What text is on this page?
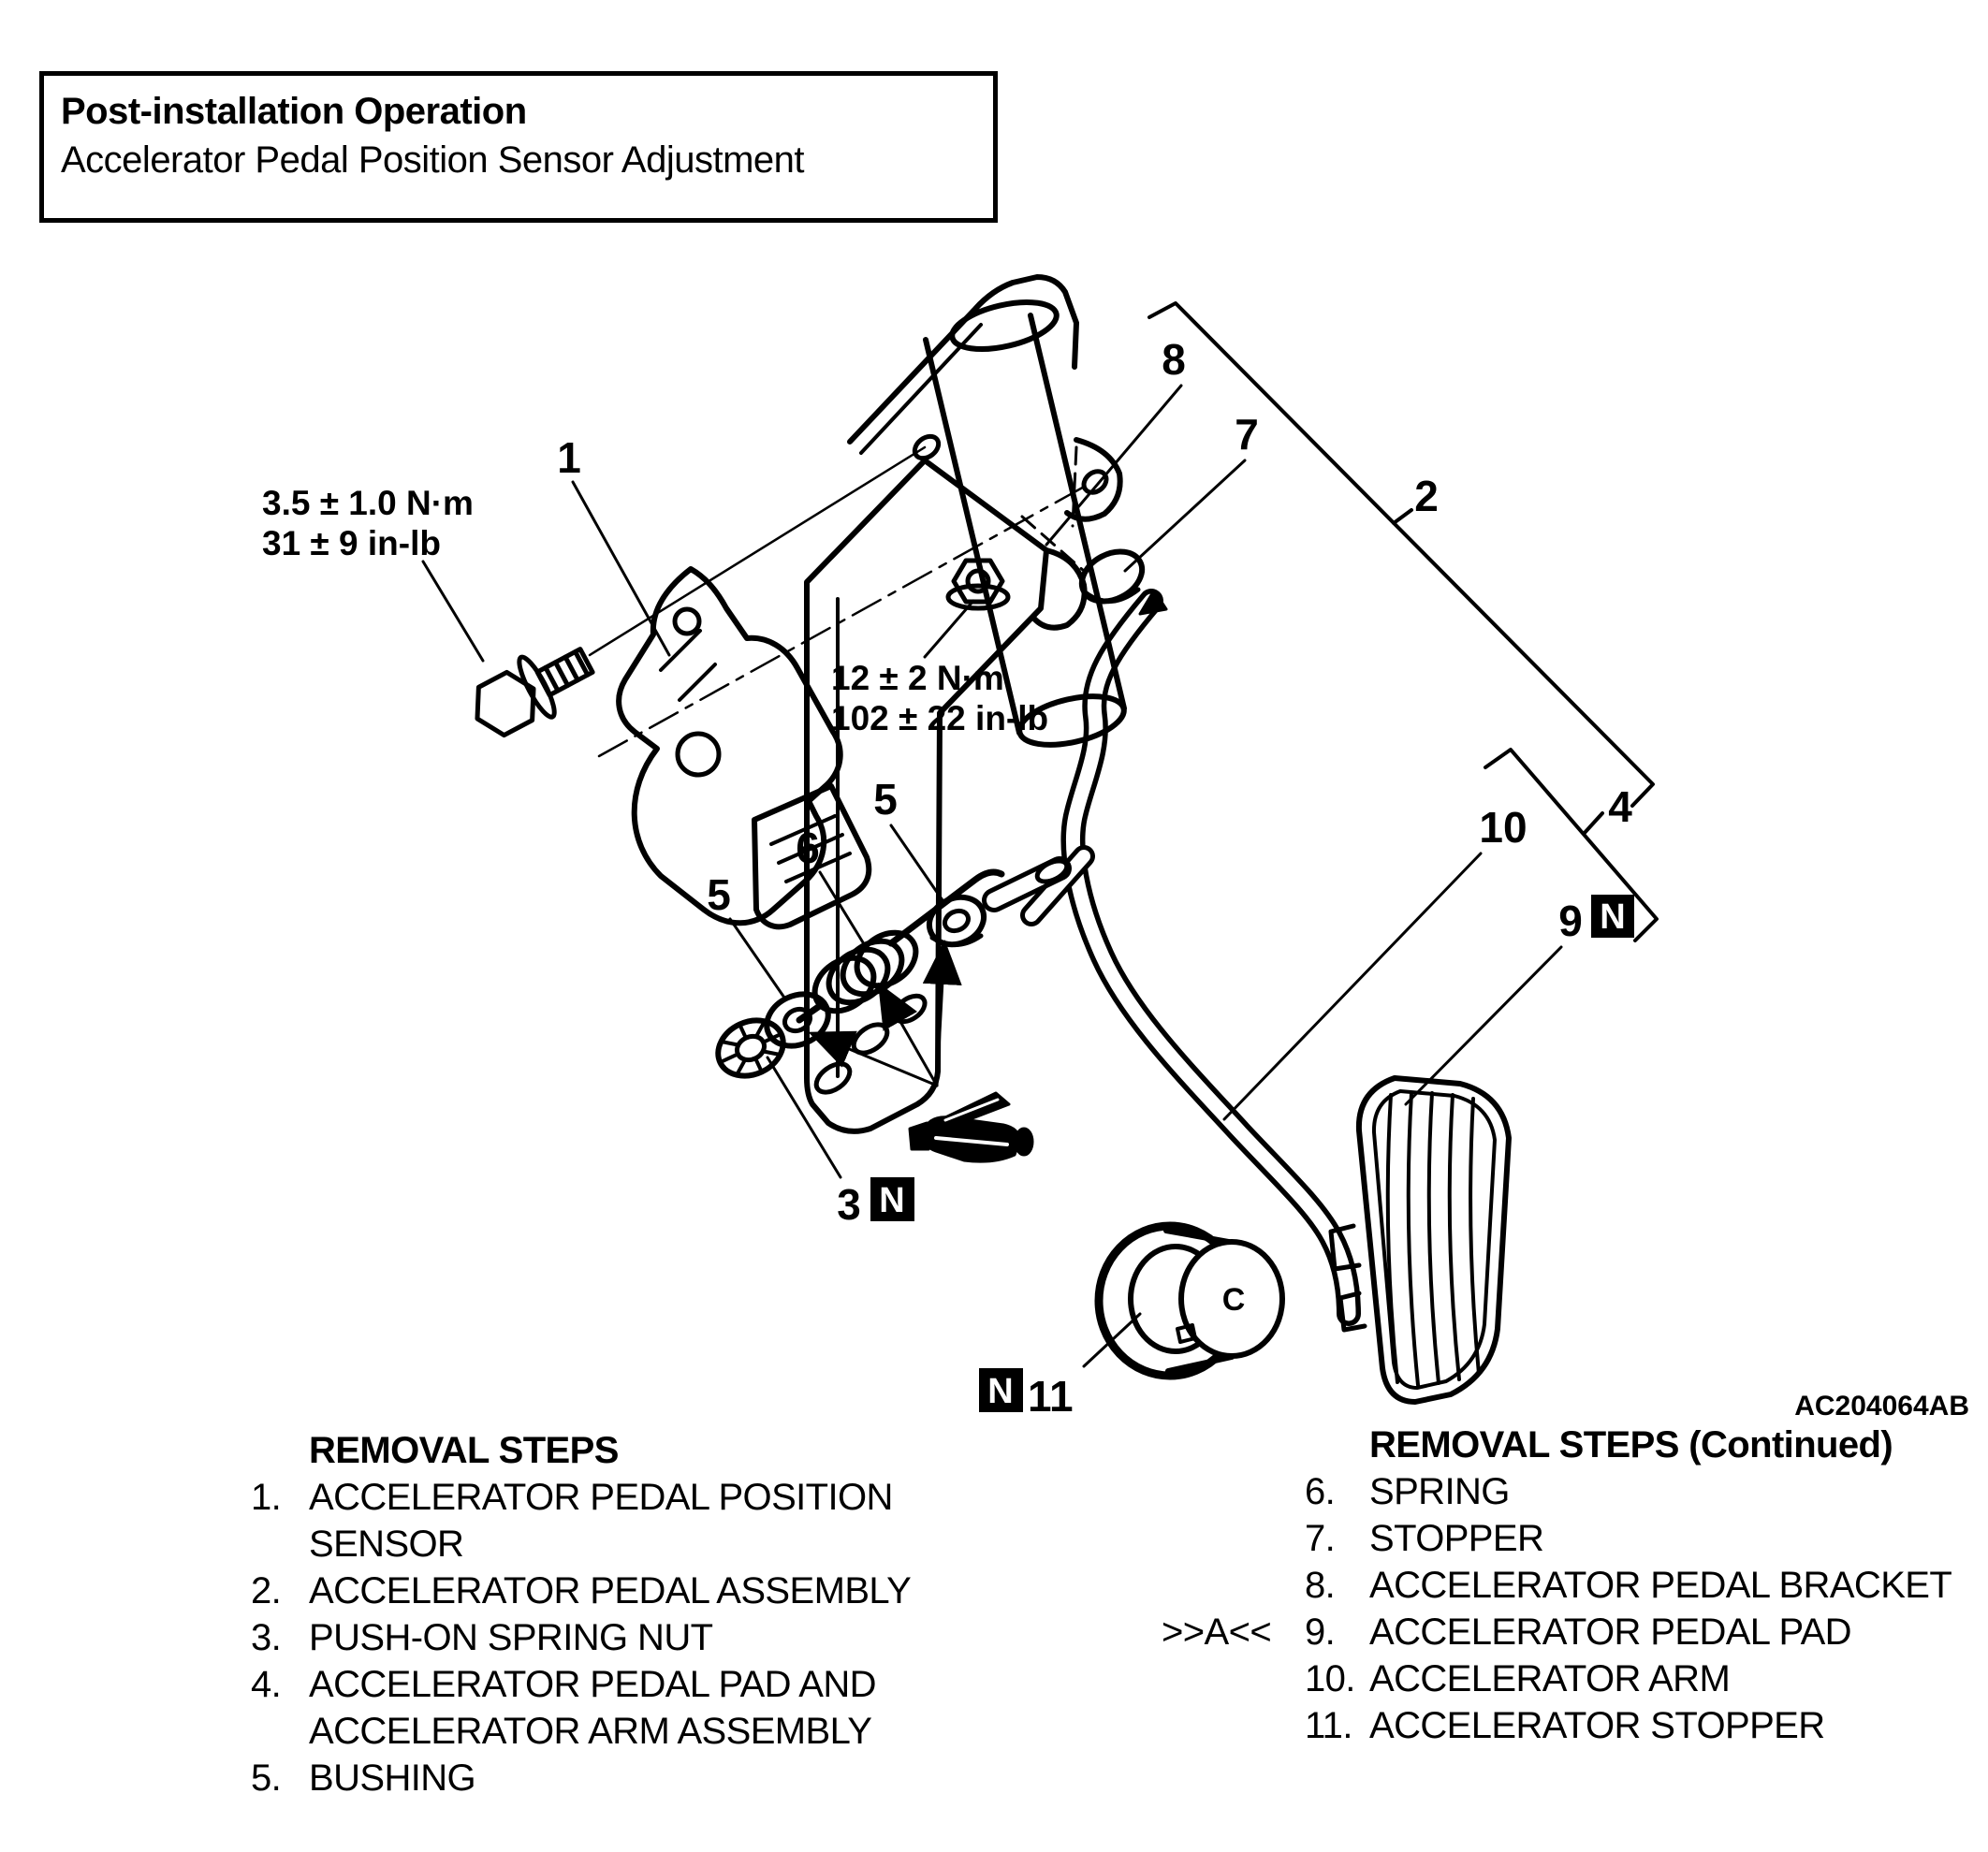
Post-installation Operation
Accelerator Pedal Position Sensor Adjustment
1
8
7
2
4
10
5
6
5
9 N
3 N
N 11
3.5 ± 1.0 N·m
31 ± 9 in-lb
12 ± 2 N·m
102 ± 22 in-lb
C
AC204064AB
REMOVAL STEPS
1. ACCELERATOR PEDAL POSITION
SENSOR
2. ACCELERATOR PEDAL ASSEMBLY
3. PUSH-ON SPRING NUT
4. ACCELERATOR PEDAL PAD AND
ACCELERATOR ARM ASSEMBLY
5. BUSHING
REMOVAL STEPS (Continued)
6. SPRING
7. STOPPER
8. ACCELERATOR PEDAL BRACKET
>>A<< 9. ACCELERATOR PEDAL PAD
10. ACCELERATOR ARM
11. ACCELERATOR STOPPER
